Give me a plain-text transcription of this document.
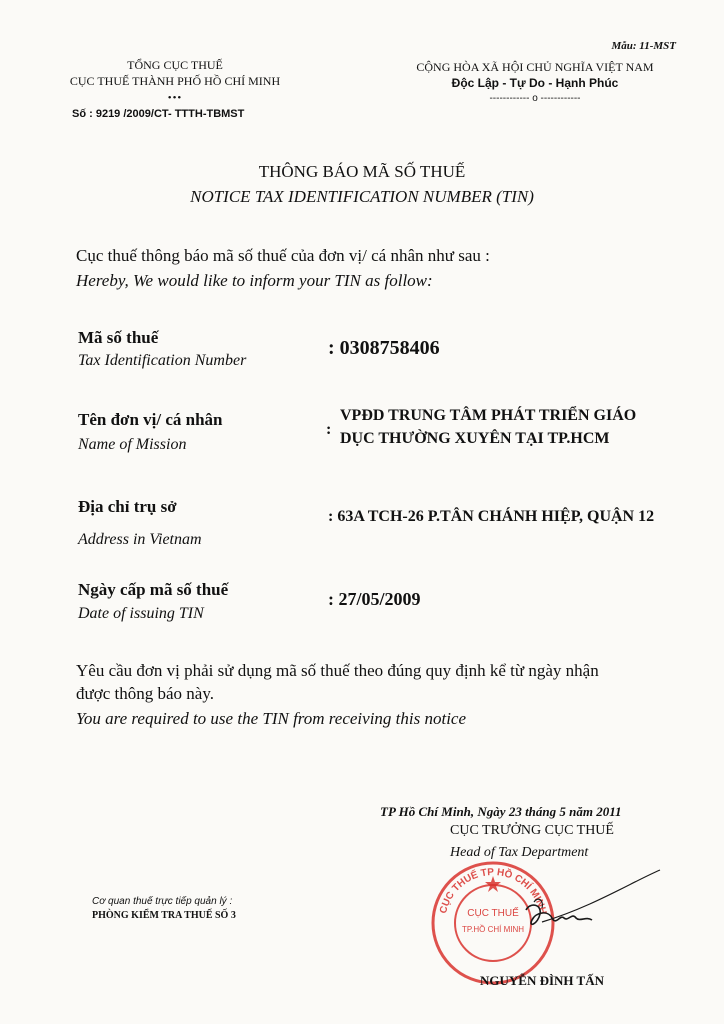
TỔNG CỤC THUẾ
CỤC THUẾ THÀNH PHỐ HỒ CHÍ MINH
•••
Số : 9219 /2009/CT- TTTH-TBMST
Mẫu: 11-MST
CỘNG HÒA XÃ HỘI CHỦ NGHĨA VIỆT NAM
Độc Lập - Tự Do - Hạnh Phúc
------------ o ------------
THÔNG BÁO MÃ SỐ THUẾ
NOTICE TAX IDENTIFICATION NUMBER (TIN)
Cục thuế thông báo mã số thuế của đơn vị/ cá nhân như sau :
Hereby, We would like to inform your TIN as follow:
Mã số thuế
Tax Identification Number
: 0308758406
Tên đơn vị/ cá nhân
Name of Mission
:
VPĐD TRUNG TÂM PHÁT TRIỂN GIÁO
DỤC THƯỜNG XUYÊN TẠI TP.HCM
Địa chỉ trụ sở
Address in Vietnam
: 63A TCH-26 P.TÂN CHÁNH HIỆP, QUẬN 12
Ngày cấp mã số thuế
Date of issuing TIN
: 27/05/2009
Yêu cầu đơn vị phải sử dụng mã số thuế theo đúng quy định kể từ ngày nhận
được thông báo này.
You are required to use the TIN from receiving this notice
TP Hồ Chí Minh, Ngày 23 tháng 5 năm 2011
CỤC TRƯỞNG CỤC THUẾ
Head of Tax Department
CỤC THUẾ TP HỒ CHÍ MINH
CỤC THUẾ
TP.HỒ CHÍ MINH
NGUYỄN ĐÌNH TẤN
Cơ quan thuế trực tiếp quản lý :
PHÒNG KIỂM TRA THUẾ SỐ 3
